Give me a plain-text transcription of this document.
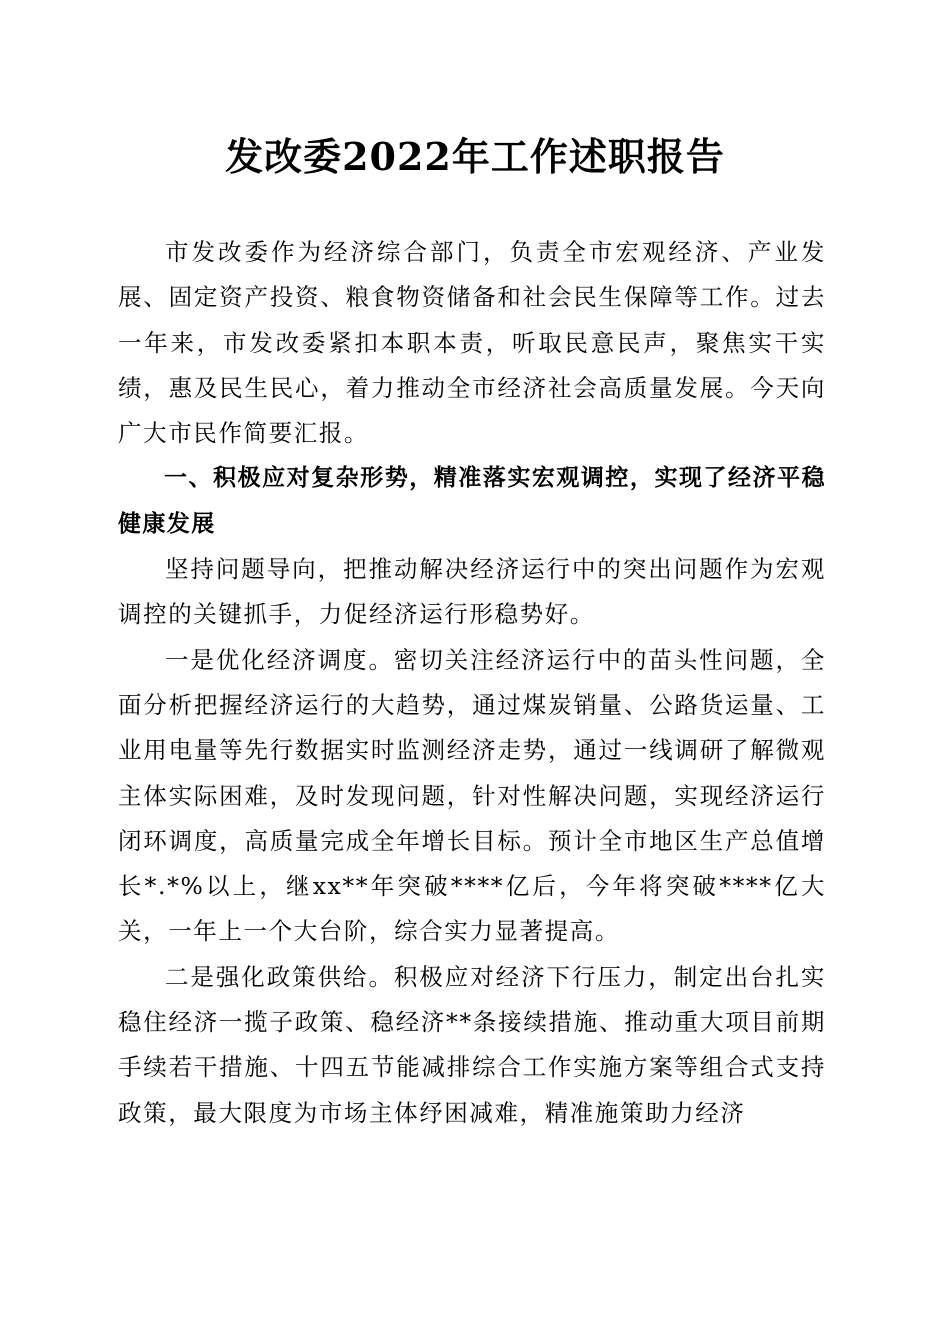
发改委2022年工作述职报告

市发改委作为经济综合部门，负责全市宏观经济、产业发展、固定资产投资、粮食物资储备和社会民生保障等工作。过去一年来，市发改委紧扣本职本责，听取民意民声，聚焦实干实绩，惠及民生民心，着力推动全市经济社会高质量发展。今天向广大市民作简要汇报。

一、积极应对复杂形势，精准落实宏观调控，实现了经济平稳健康发展

坚持问题导向，把推动解决经济运行中的突出问题作为宏观调控的关键抓手，力促经济运行形稳势好。

一是优化经济调度。密切关注经济运行中的苗头性问题，全面分析把握经济运行的大趋势，通过煤炭销量、公路货运量、工业用电量等先行数据实时监测经济走势，通过一线调研了解微观主体实际困难，及时发现问题，针对性解决问题，实现经济运行闭环调度，高质量完成全年增长目标。预计全市地区生产总值增长*.*%以上，继xx**年突破****亿后，今年将突破****亿大关，一年上一个大台阶，综合实力显著提高。

二是强化政策供给。积极应对经济下行压力，制定出台扎实稳住经济一揽子政策、稳经济**条接续措施、推动重大项目前期手续若干措施、十四五节能减排综合工作实施方案等组合式支持政策，最大限度为市场主体纾困减难，精准施策助力经济
